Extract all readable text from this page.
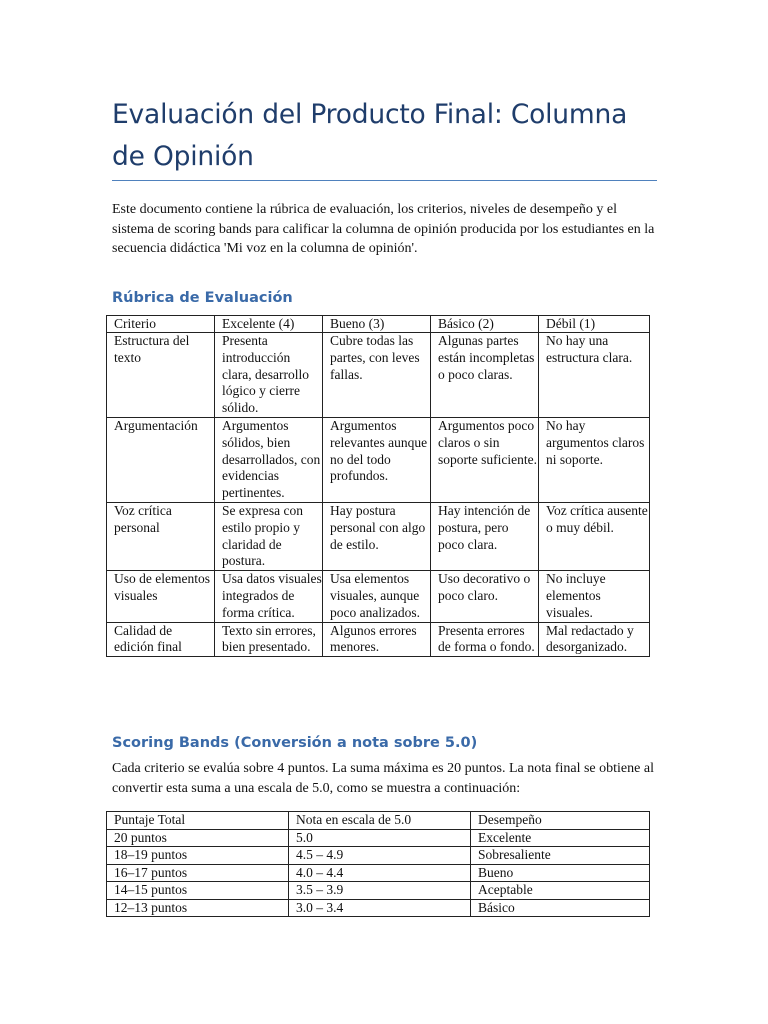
Evaluación del Producto Final: Columna de Opinión
Este documento contiene la rúbrica de evaluación, los criterios, niveles de desempeño y el sistema de scoring bands para calificar la columna de opinión producida por los estudiantes en la secuencia didáctica 'Mi voz en la columna de opinión'.
Rúbrica de Evaluación
Criterio	Excelente (4)	Bueno (3)	Básico (2)	Débil (1)
Estructura del texto	Presenta introducción clara, desarrollo lógico y cierre sólido.	Cubre todas las partes, con leves fallas.	Algunas partes están incompletas o poco claras.	No hay una estructura clara.
Argumentación	Argumentos sólidos, bien desarrollados, con evidencias pertinentes.	Argumentos relevantes aunque no del todo profundos.	Argumentos poco claros o sin soporte suficiente.	No hay argumentos claros ni soporte.
Voz crítica personal	Se expresa con estilo propio y claridad de postura.	Hay postura personal con algo de estilo.	Hay intención de postura, pero poco clara.	Voz crítica ausente o muy débil.
Uso de elementos visuales	Usa datos visuales integrados de forma crítica.	Usa elementos visuales, aunque poco analizados.	Uso decorativo o poco claro.	No incluye elementos visuales.
Calidad de edición final	Texto sin errores, bien presentado.	Algunos errores menores.	Presenta errores de forma o fondo.	Mal redactado y desorganizado.
Scoring Bands (Conversión a nota sobre 5.0)
Cada criterio se evalúa sobre 4 puntos. La suma máxima es 20 puntos. La nota final se obtiene al convertir esta suma a una escala de 5.0, como se muestra a continuación:
Puntaje Total	Nota en escala de 5.0	Desempeño
20 puntos	5.0	Excelente
18–19 puntos	4.5 – 4.9	Sobresaliente
16–17 puntos	4.0 – 4.4	Bueno
14–15 puntos	3.5 – 3.9	Aceptable
12–13 puntos	3.0 – 3.4	Básico
